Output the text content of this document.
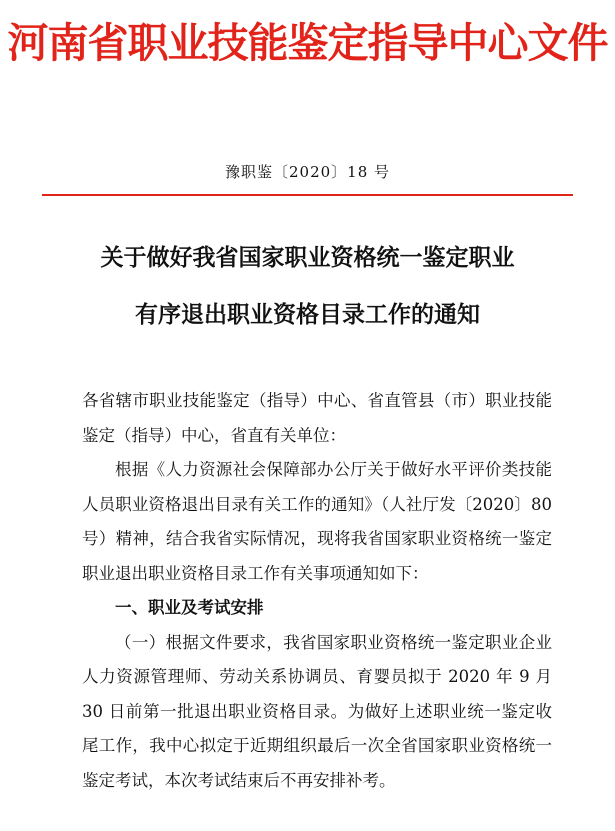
河南省职业技能鉴定指导中心文件
豫职鉴〔2020〕18 号
关于做好我省国家职业资格统一鉴定职业
有序退出职业资格目录工作的通知

各省辖市职业技能鉴定（指导）中心、省直管县（市）职业技能鉴定（指导）中心，省直有关单位：

根据《人力资源社会保障部办公厅关于做好水平评价类技能人员职业资格退出目录有关工作的通知》（人社厅发〔2020〕80 号）精神，结合我省实际情况，现将我省国家职业资格统一鉴定职业退出职业资格目录工作有关事项通知如下：

一、职业及考试安排

（一）根据文件要求，我省国家职业资格统一鉴定职业企业人力资源管理师、劳动关系协调员、育婴员拟于 2020 年 9 月 30 日前第一批退出职业资格目录。为做好上述职业统一鉴定收尾工作，我中心拟定于近期组织最后一次全省国家职业资格统一鉴定考试，本次考试结束后不再安排补考。
